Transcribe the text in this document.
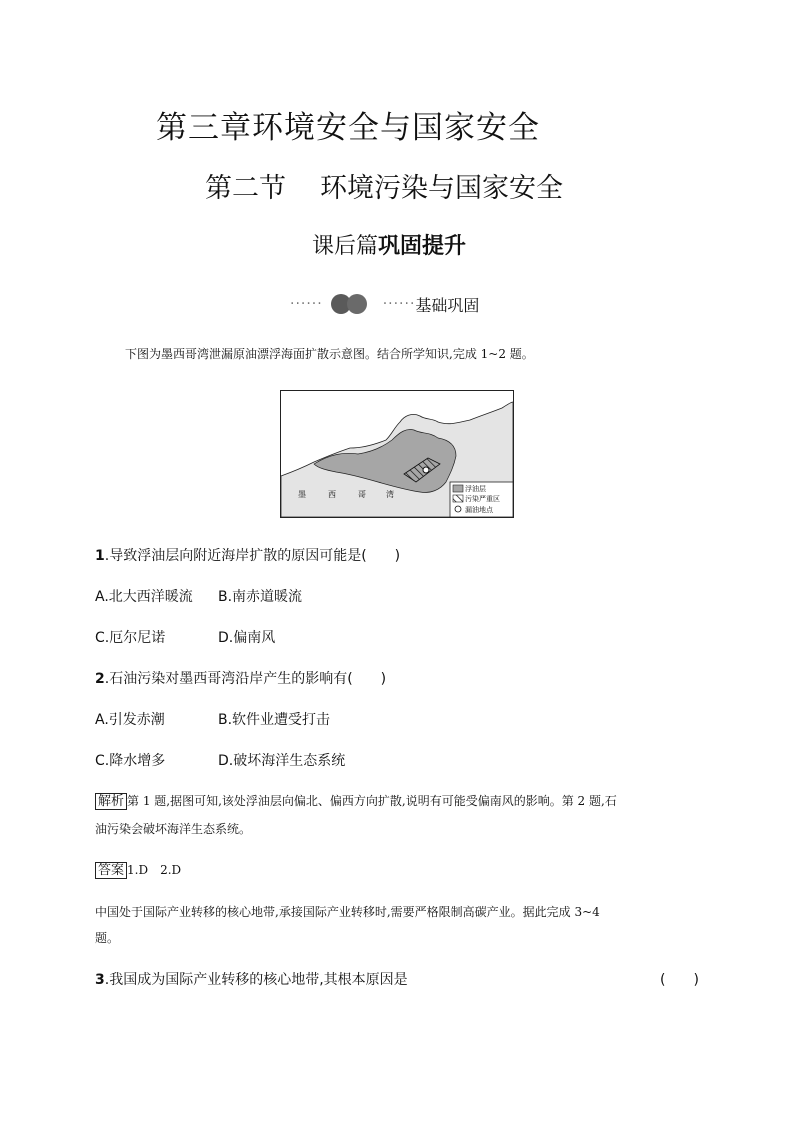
第三章环境安全与国家安全
第二节 环境污染与国家安全
课后篇巩固提升
······	······ 基础巩固
下图为墨西哥湾泄漏原油漂浮海面扩散示意图。结合所学知识,完成 1~2 题。
墨	西	哥	湾
浮油层
污染严重区
漏油地点
1.导致浮油层向附近海岸扩散的原因可能是(　　)
A.北大西洋暖流 B.南赤道暖流
C.厄尔尼诺	D.偏南风
2.石油污染对墨西哥湾沿岸产生的影响有(　　)
A.引发赤潮	B.软件业遭受打击
C.降水增多	D.破坏海洋生态系统
解析 第 1 题,据图可知,该处浮油层向偏北、偏西方向扩散,说明有可能受偏南风的影响。第 2 题,石
油污染会破坏海洋生态系统。
答案 1.D　2.D
中国处于国际产业转移的核心地带,承接国际产业转移时,需要严格限制高碳产业。据此完成 3~4
题。
3.我国成为国际产业转移的核心地带,其根本原因是	(　　)
